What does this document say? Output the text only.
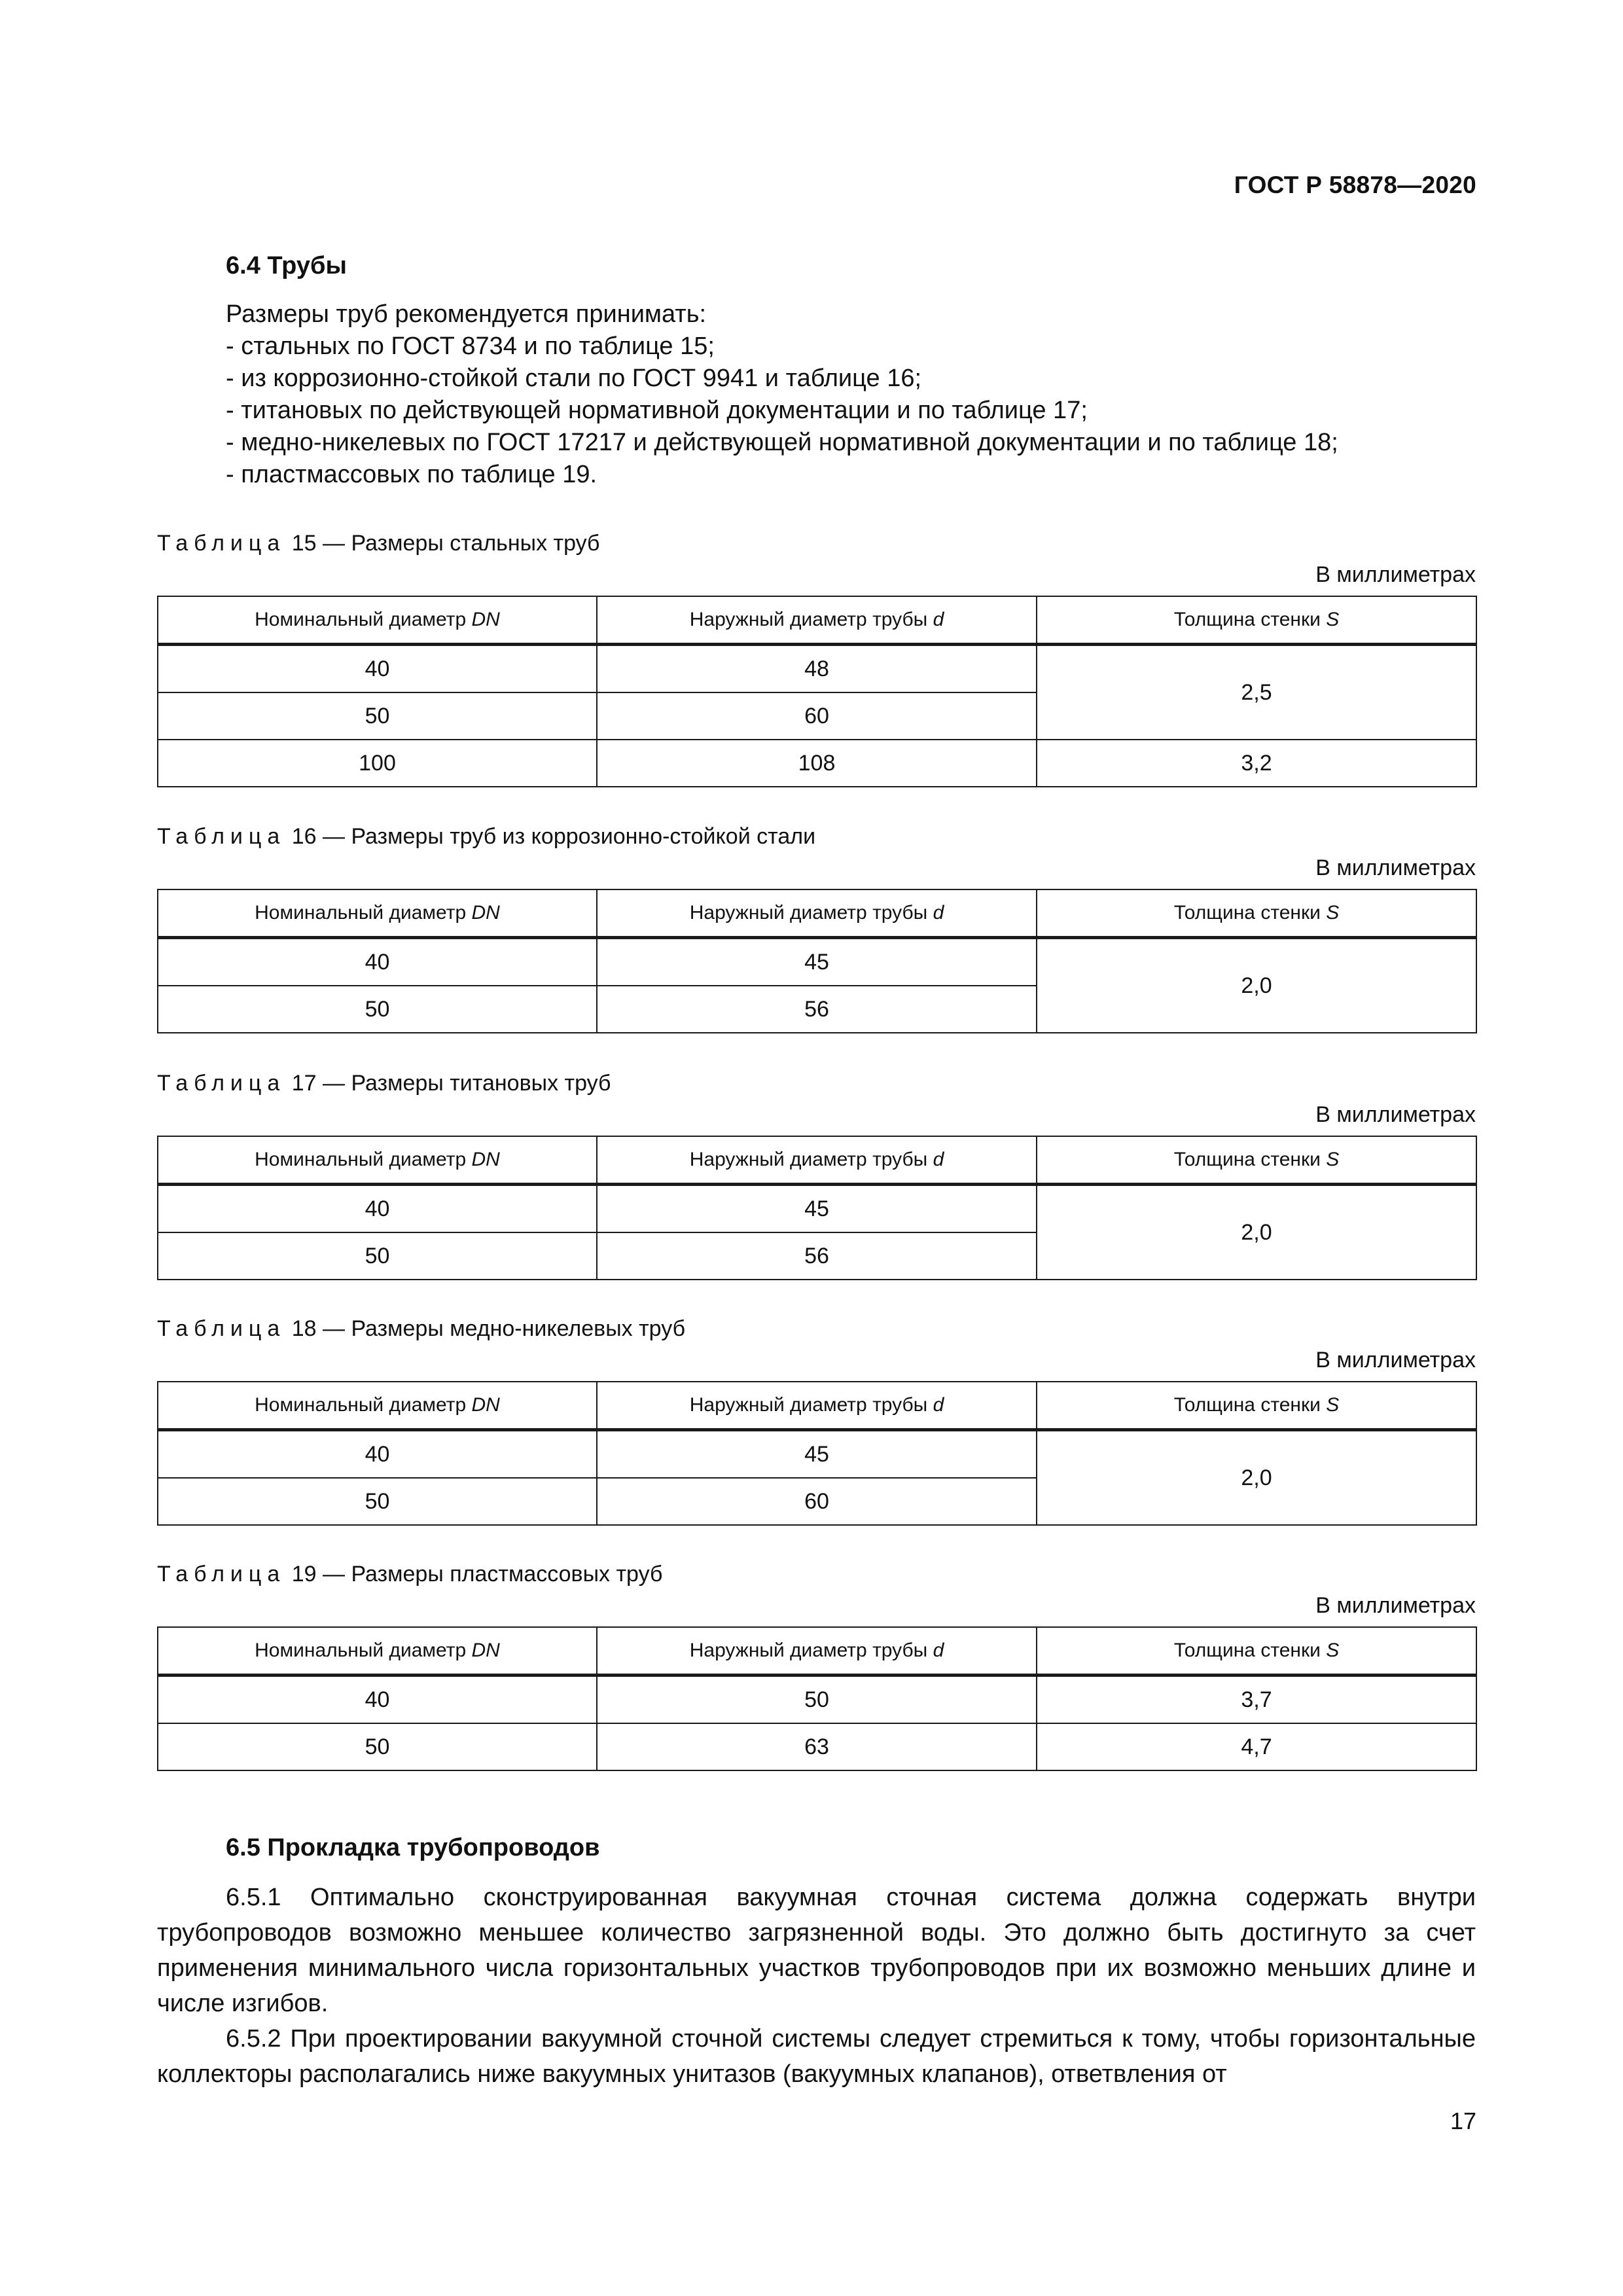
ГОСТ Р 58878—2020
6.4 Трубы

Размеры труб рекомендуется принимать:

- стальных по ГОСТ 8734 и по таблице 15;
- из коррозионно-стойкой стали по ГОСТ 9941 и таблице 16;
- титановых по действующей нормативной документации и по таблице 17;
- медно-никелевых по ГОСТ 17217 и действующей нормативной документации и по таблице 18;
- пластмассовых по таблице 19.
Таблица 15 — Размеры стальных труб
В миллиметрах
Номинальный диаметр DN	Наружный диаметр трубы d	Толщина стенки S
40	48	2,5
50	60	
100	108	3,2
Таблица 16 — Размеры труб из коррозионно-стойкой стали
В миллиметрах
Номинальный диаметр DN	Наружный диаметр трубы d	Толщина стенки S
40	45	2,0
50	56	
Таблица 17 — Размеры титановых труб
В миллиметрах
Номинальный диаметр DN	Наружный диаметр трубы d	Толщина стенки S
40	45	2,0
50	56	
Таблица 18 — Размеры медно-никелевых труб
В миллиметрах
Номинальный диаметр DN	Наружный диаметр трубы d	Толщина стенки S
40	45	2,0
50	60	
Таблица 19 — Размеры пластмассовых труб
В миллиметрах
Номинальный диаметр DN	Наружный диаметр трубы d	Толщина стенки S
40	50	3,7
50	63	4,7
6.5 Прокладка трубопроводов

6.5.1 Оптимально сконструированная вакуумная сточная система должна содержать внутри трубопроводов возможно меньшее количество загрязненной воды. Это должно быть достигнуто за счет применения минимального числа горизонтальных участков трубопроводов при их возможно меньших длине и числе изгибов.

6.5.2 При проектировании вакуумной сточной системы следует стремиться к тому, чтобы горизонтальные коллекторы располагались ниже вакуумных унитазов (вакуумных клапанов), ответвления от

17
